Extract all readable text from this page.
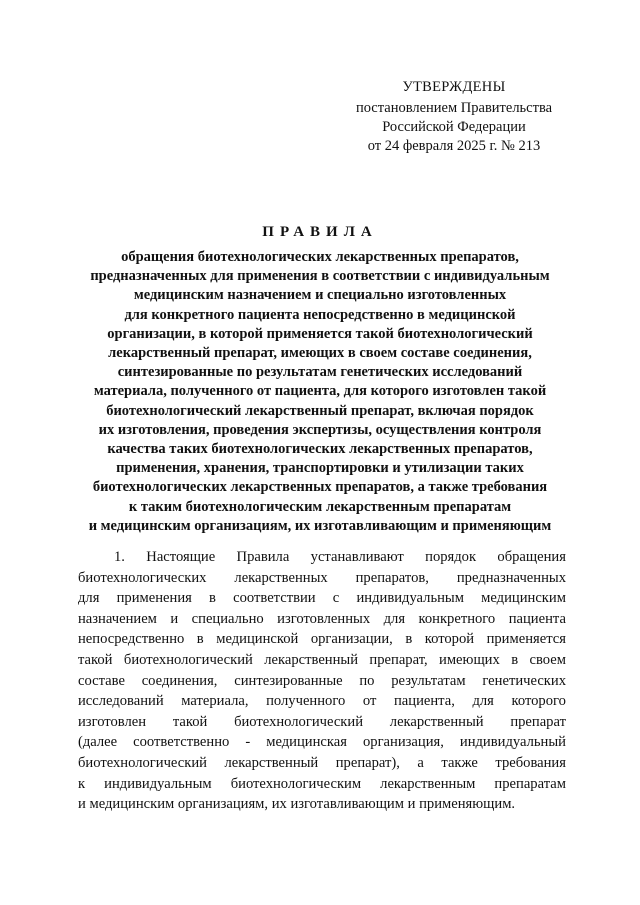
УТВЕРЖДЕНЫ
постановлением Правительства
Российской Федерации
от 24 февраля 2025 г. № 213
ПРАВИЛА
обращения биотехнологических лекарственных препаратов,
предназначенных для применения в соответствии с индивидуальным
медицинским назначением и специально изготовленных
для конкретного пациента непосредственно в медицинской
организации, в которой применяется такой биотехнологический
лекарственный препарат, имеющих в своем составе соединения,
синтезированные по результатам генетических исследований
материала, полученного от пациента, для которого изготовлен такой
биотехнологический лекарственный препарат, включая порядок
их изготовления, проведения экспертизы, осуществления контроля
качества таких биотехнологических лекарственных препаратов,
применения, хранения, транспортировки и утилизации таких
биотехнологических лекарственных препаратов, а также требования
к таким биотехнологическим лекарственным препаратам
и медицинским организациям, их изготавливающим и применяющим
1. Настоящие Правила устанавливают порядок обращения
биотехнологических лекарственных препаратов, предназначенных
для применения в соответствии с индивидуальным медицинским
назначением и специально изготовленных для конкретного пациента
непосредственно в медицинской организации, в которой применяется
такой биотехнологический лекарственный препарат, имеющих в своем
составе соединения, синтезированные по результатам генетических
исследований материала, полученного от пациента, для которого
изготовлен такой биотехнологический лекарственный препарат
(далее соответственно - медицинская организация, индивидуальный
биотехнологический лекарственный препарат), а также требования
к индивидуальным биотехнологическим лекарственным препаратам
и медицинским организациям, их изготавливающим и применяющим.
